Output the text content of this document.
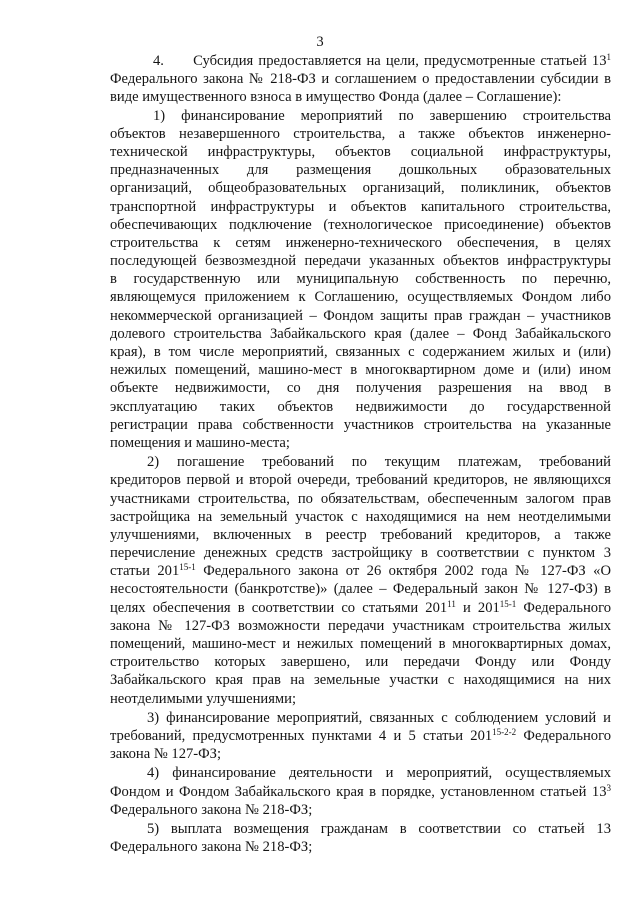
3
4.  Субсидия предоставляется на цели, предусмотренные статьей $13^1$
Федерального закона № 218-ФЗ и соглашением о предоставлении субсидии в
виде имущественного взноса в имущество Фонда (далее – Соглашение):
1) финансирование мероприятий по завершению строительства
объектов незавершенного строительства, а также объектов инженерно-
технической инфраструктуры, объектов социальной инфраструктуры,
предназначенных для размещения дошкольных образовательных
организаций, общеобразовательных организаций, поликлиник, объектов
транспортной инфраструктуры и объектов капитального строительства,
обеспечивающих подключение (технологическое присоединение) объектов
строительства к сетям инженерно-технического обеспечения, в целях
последующей безвозмездной передачи указанных объектов инфраструктуры
в государственную или муниципальную собственность по перечню,
являющемуся приложением к Соглашению, осуществляемых Фондом либо
некоммерческой организацией – Фондом защиты прав граждан – участников
долевого строительства Забайкальского края (далее – Фонд Забайкальского
края), в том числе мероприятий, связанных с содержанием жилых и (или)
нежилых помещений, машино-мест в многоквартирном доме и (или) ином
объекте недвижимости, со дня получения разрешения на ввод в
эксплуатацию таких объектов недвижимости до государственной
регистрации права собственности участников строительства на указанные
помещения и машино-места;
2) погашение требований по текущим платежам, требований
кредиторов первой и второй очереди, требований кредиторов, не являющихся
участниками строительства, по обязательствам, обеспеченным залогом прав
застройщика на земельный участок с находящимися на нем неотделимыми
улучшениями, включенных в реестр требований кредиторов, а также
перечисление денежных средств застройщику в соответствии с пунктом 3
статьи 201$^{15-1}$ Федерального закона от 26 октября 2002 года № 127-ФЗ «О
несостоятельности (банкротстве)» (далее – Федеральный закон № 127-ФЗ) в
целях обеспечения в соответствии со статьями $201^{11}$ и 201$^{15-1}$ Федерального
закона № 127-ФЗ возможности передачи участникам строительства жилых
помещений, машино-мест и нежилых помещений в многоквартирных домах,
строительство которых завершено, или передачи Фонду или Фонду
Забайкальского края прав на земельные участки с находящимися на них
неотделимыми улучшениями;
3) финансирование мероприятий, связанных с соблюдением условий и
требований, предусмотренных пунктами 4 и 5 статьи 201$^{15-2-2}$ Федерального
закона № 127-ФЗ;
4) финансирование деятельности и мероприятий, осуществляемых
Фондом и Фондом Забайкальского края в порядке, установленном статьей $13^3$
Федерального закона № 218-ФЗ;
5) выплата возмещения гражданам в соответствии со статьей 13
Федерального закона № 218-ФЗ;
